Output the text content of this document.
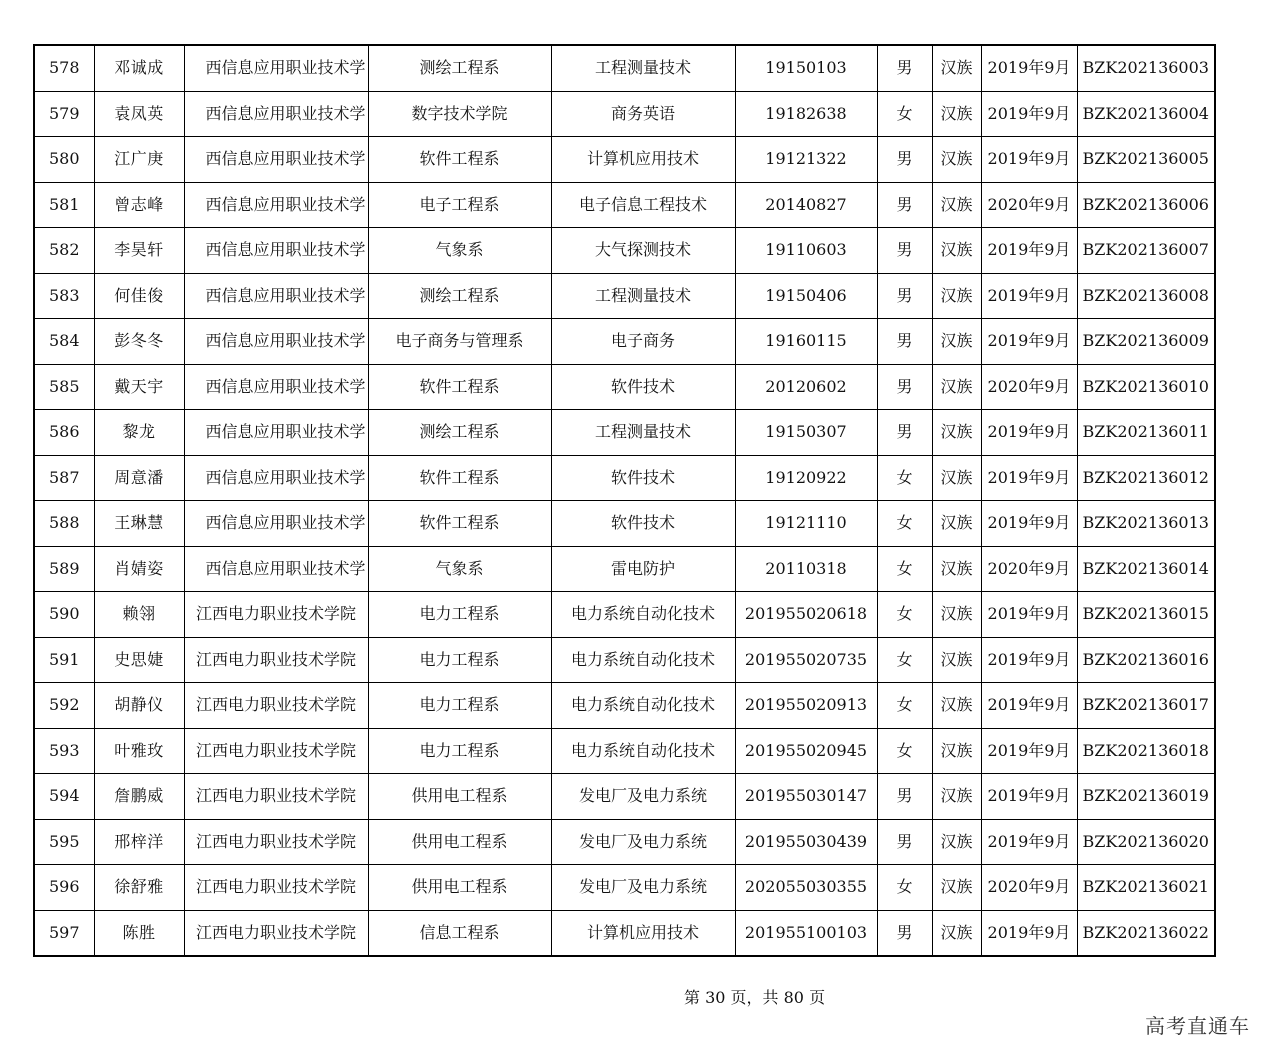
578	邓诚成	西信息应用职业技术学	测绘工程系	工程测量技术	19150103	男	汉族	2019年9月	BZK202136003
579	袁凤英	西信息应用职业技术学	数字技术学院	商务英语	19182638	女	汉族	2019年9月	BZK202136004
580	江广庚	西信息应用职业技术学	软件工程系	计算机应用技术	19121322	男	汉族	2019年9月	BZK202136005
581	曾志峰	西信息应用职业技术学	电子工程系	电子信息工程技术	20140827	男	汉族	2020年9月	BZK202136006
582	李昊轩	西信息应用职业技术学	气象系	大气探测技术	19110603	男	汉族	2019年9月	BZK202136007
583	何佳俊	西信息应用职业技术学	测绘工程系	工程测量技术	19150406	男	汉族	2019年9月	BZK202136008
584	彭冬冬	西信息应用职业技术学	电子商务与管理系	电子商务	19160115	男	汉族	2019年9月	BZK202136009
585	戴天宇	西信息应用职业技术学	软件工程系	软件技术	20120602	男	汉族	2020年9月	BZK202136010
586	黎龙	西信息应用职业技术学	测绘工程系	工程测量技术	19150307	男	汉族	2019年9月	BZK202136011
587	周意潘	西信息应用职业技术学	软件工程系	软件技术	19120922	女	汉族	2019年9月	BZK202136012
588	王琳慧	西信息应用职业技术学	软件工程系	软件技术	19121110	女	汉族	2019年9月	BZK202136013
589	肖婧姿	西信息应用职业技术学	气象系	雷电防护	20110318	女	汉族	2020年9月	BZK202136014
590	赖翎	江西电力职业技术学院	电力工程系	电力系统自动化技术	201955020618	女	汉族	2019年9月	BZK202136015
591	史思婕	江西电力职业技术学院	电力工程系	电力系统自动化技术	201955020735	女	汉族	2019年9月	BZK202136016
592	胡静仪	江西电力职业技术学院	电力工程系	电力系统自动化技术	201955020913	女	汉族	2019年9月	BZK202136017
593	叶雅玫	江西电力职业技术学院	电力工程系	电力系统自动化技术	201955020945	女	汉族	2019年9月	BZK202136018
594	詹鹏威	江西电力职业技术学院	供用电工程系	发电厂及电力系统	201955030147	男	汉族	2019年9月	BZK202136019
595	邢梓洋	江西电力职业技术学院	供用电工程系	发电厂及电力系统	201955030439	男	汉族	2019年9月	BZK202136020
596	徐舒雅	江西电力职业技术学院	供用电工程系	发电厂及电力系统	202055030355	女	汉族	2020年9月	BZK202136021
597	陈胜	江西电力职业技术学院	信息工程系	计算机应用技术	201955100103	男	汉族	2019年9月	BZK202136022
第 30 页，共 80 页
高考直通车
